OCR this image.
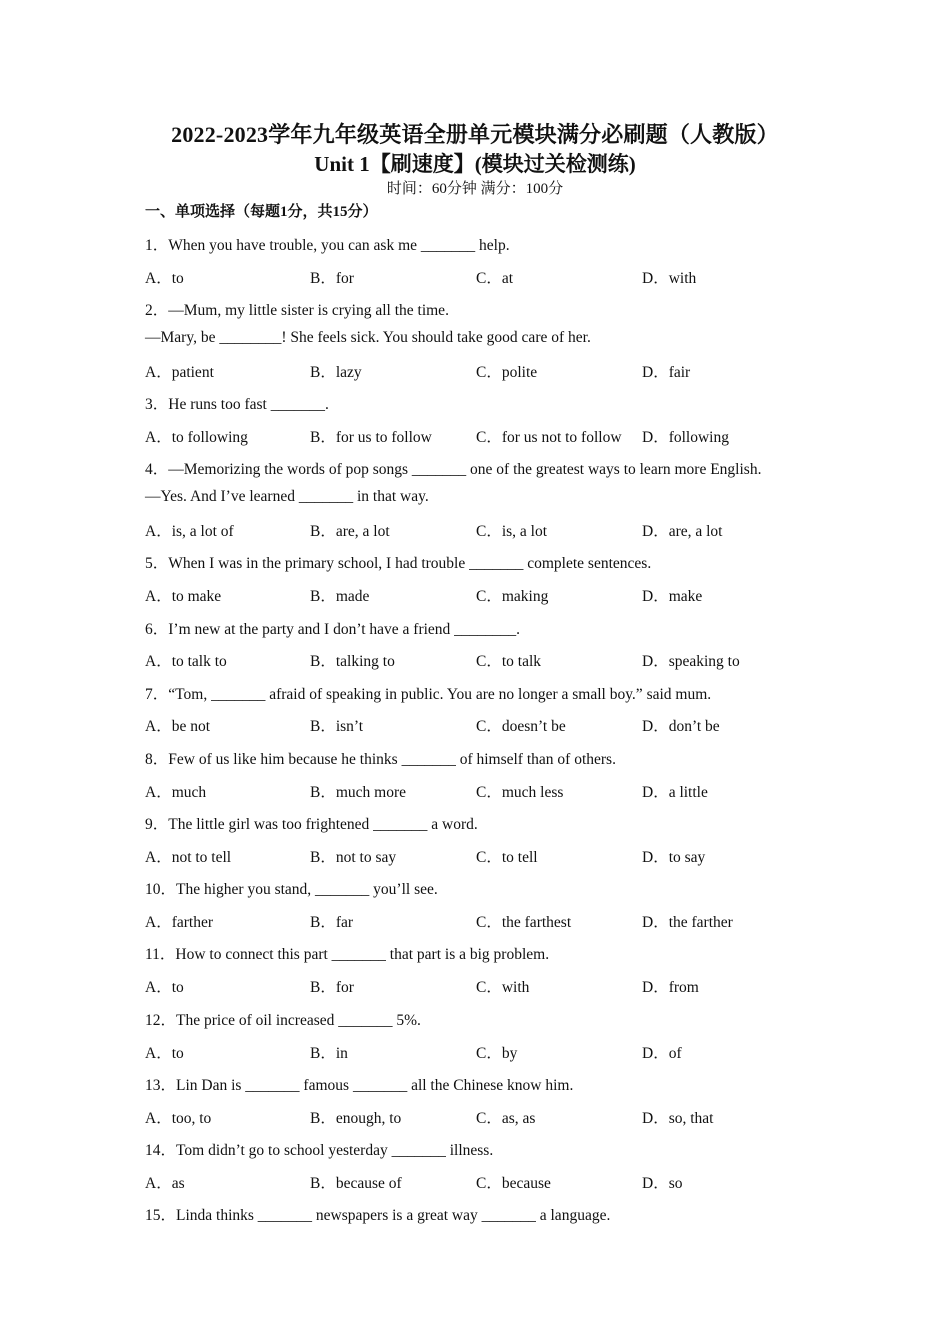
2022-2023学年九年级英语全册单元模块满分必刷题（人教版）
Unit 1【刷速度】(模块过关检测练)
时间：60分钟 满分：100分
一、单项选择（每题1分，共15分）
1．When you have trouble, you can ask me _______ help.
A．to	B．for	C．at	D．with
2．—Mum, my little sister is crying all the time.
—Mary, be ________! She feels sick. You should take good care of her.
A．patient	B．lazy	C．polite	D．fair
3．He runs too fast _______.
A．to following	B．for us to follow	C．for us not to follow D．following
4．—Memorizing the words of pop songs _______ one of the greatest ways to learn more English.
—Yes. And I’ve learned _______ in that way.
A．is, a lot of	B．are, a lot	C．is, a lot	D．are, a lot
5．When I was in the primary school, I had trouble _______ complete sentences.
A．to make	B．made	C．making	D．make
6．I’m new at the party and I don’t have a friend ________.
A．to talk to	B．talking to	C．to talk	D．speaking to
7．“Tom, _______ afraid of speaking in public. You are no longer a small boy.” said mum.
A．be not	B．isn’t	C．doesn’t be	D．don’t be
8．Few of us like him because he thinks _______ of himself than of others.
A．much	B．much more	C．much less	D．a little
9．The little girl was too frightened _______ a word.
A．not to tell	B．not to say	C．to tell	D．to say
10．The higher you stand, _______ you’ll see.
A．farther	B．far	C．the farthest	D．the farther
11．How to connect this part _______ that part is a big problem.
A．to	B．for	C．with	D．from
12．The price of oil increased _______ 5%.
A．to	B．in	C．by	D．of
13．Lin Dan is _______ famous _______ all the Chinese know him.
A．too, to	B．enough, to	C．as, as	D．so, that
14．Tom didn’t go to school yesterday _______ illness.
A．as	B．because of	C．because	D．so
15．Linda thinks _______ newspapers is a great way _______ a language.
